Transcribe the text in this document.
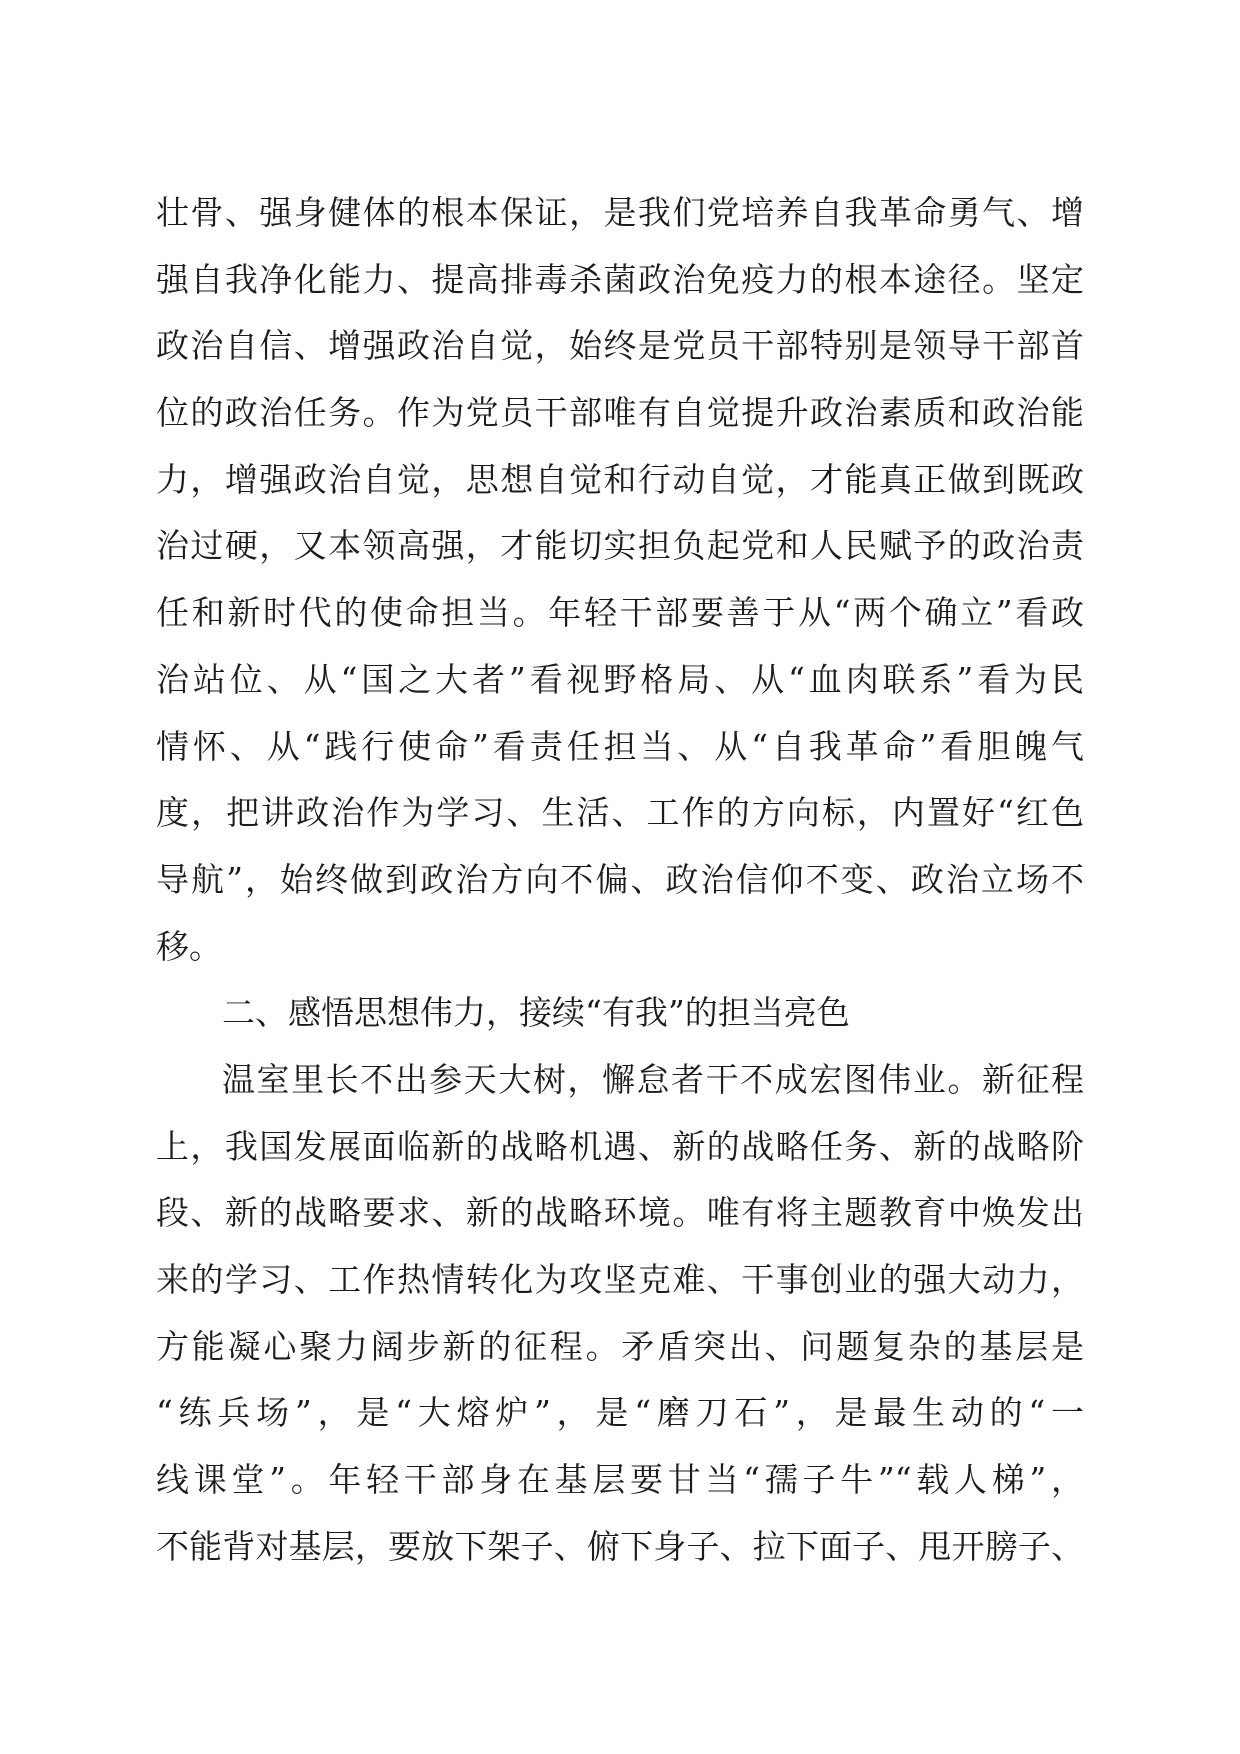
壮骨、强身健体的根本保证，是我们党培养自我革命勇气、增
强自我净化能力、提高排毒杀菌政治免疫力的根本途径。坚定
政治自信、增强政治自觉，始终是党员干部特别是领导干部首
位的政治任务。作为党员干部唯有自觉提升政治素质和政治能
力，增强政治自觉，思想自觉和行动自觉，才能真正做到既政
治过硬，又本领高强，才能切实担负起党和人民赋予的政治责
任和新时代的使命担当。年轻干部要善于从“两个确立”看政
治站位、从“国之大者”看视野格局、从“血肉联系”看为民
情怀、从“践行使命”看责任担当、从“自我革命”看胆魄气
度，把讲政治作为学习、生活、工作的方向标，内置好“红色
导航”，始终做到政治方向不偏、政治信仰不变、政治立场不
移。
二、感悟思想伟力，接续“有我”的担当亮色
温室里长不出参天大树，懈怠者干不成宏图伟业。新征程
上，我国发展面临新的战略机遇、新的战略任务、新的战略阶
段、新的战略要求、新的战略环境。唯有将主题教育中焕发出
来的学习、工作热情转化为攻坚克难、干事创业的强大动力，
方能凝心聚力阔步新的征程。矛盾突出、问题复杂的基层是
“练兵场”，是“大熔炉”，是“磨刀石”，是最生动的“一
线课堂”。年轻干部身在基层要甘当“孺子牛”“载人梯”，
不能背对基层，要放下架子、俯下身子、拉下面子、甩开膀子、
